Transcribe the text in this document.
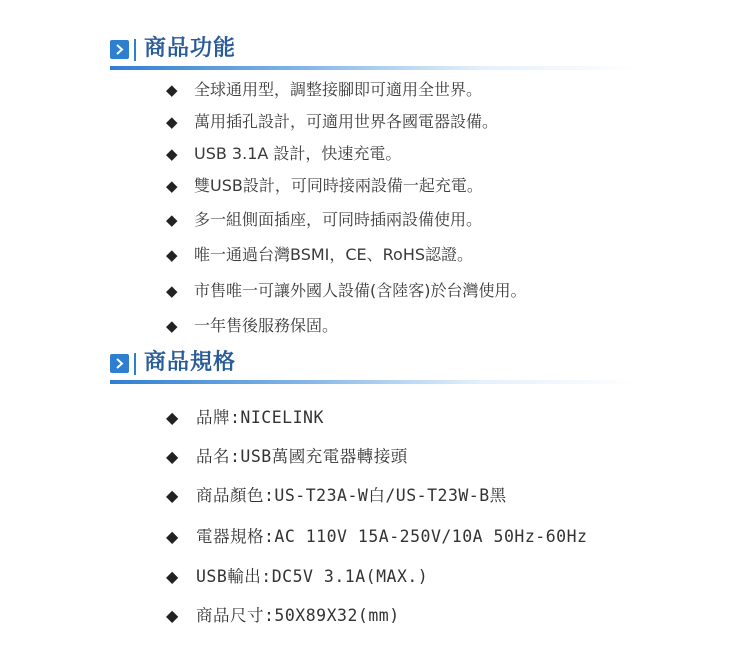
商品功能
◆ 全球通用型，調整接腳即可適用全世界。
◆ 萬用插孔設計，可適用世界各國電器設備。
◆ USB 3.1A 設計，快速充電。
◆ 雙USB設計，可同時接兩設備一起充電。
◆ 多一組側面插座，可同時插兩設備使用。
◆ 唯一通過台灣BSMI，CE、RoHS認證。
◆ 市售唯一可讓外國人設備(含陸客)於台灣使用。
◆ 一年售後服務保固。
商品規格
◆ 品牌:NICELINK
◆ 品名:USB萬國充電器轉接頭
◆ 商品顏色:US-T23A-W白/US-T23W-B黑
◆ 電器規格:AC 110V 15A-250V/10A 50Hz-60Hz
◆ USB輸出:DC5V 3.1A(MAX.)
◆ 商品尺寸:50X89X32(mm)
